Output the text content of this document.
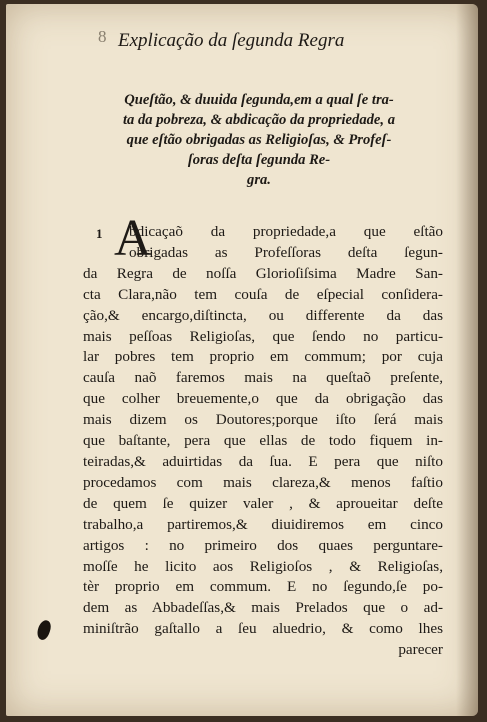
8 Explicação da ſegunda Regra
Queſtão, & duuida ſegunda,em a qual ſe tra-
ta da pobreza, & abdicação da propriedade, a
que eſtão obrigadas as Religioſas, & Profeſ-
ſoras deſta ſegunda Re-
gra.
1 A
bdicaçaõ da propriedade,a que eſtão
obrigadas as Profeſſoras deſta ſegun-
da Regra de noſſa Glorioſiſsima Madre San-
cta Clara,não tem couſa de eſpecial conſidera-
ção,& encargo,diſtincta, ou differente da das
mais peſſoas Religioſas, que ſendo no particu-
lar pobres tem proprio em commum; por cuja
cauſa naõ faremos mais na queſtaõ preſente,
que colher breuemente,o que da obrigação das
mais dizem os Doutores;porque iſto ſerá mais
que baſtante, pera que ellas de todo fiquem in-
teiradas,& aduirtidas da ſua. E pera que niſto
procedamos com mais clareza,& menos faſtio
de quem ſe quizer valer , & aproueitar deſte
trabalho,a partiremos,& diuidiremos em cinco
artigos : no primeiro dos quaes perguntare-
moſſe he licito aos Religioſos , & Religioſas,
tèr proprio em commum. E no ſegundo,ſe po-
dem as Abbadeſſas,& mais Prelados que o ad-
miniſtrão gaſtallo a ſeu aluedrio, & como lhes
parecer
